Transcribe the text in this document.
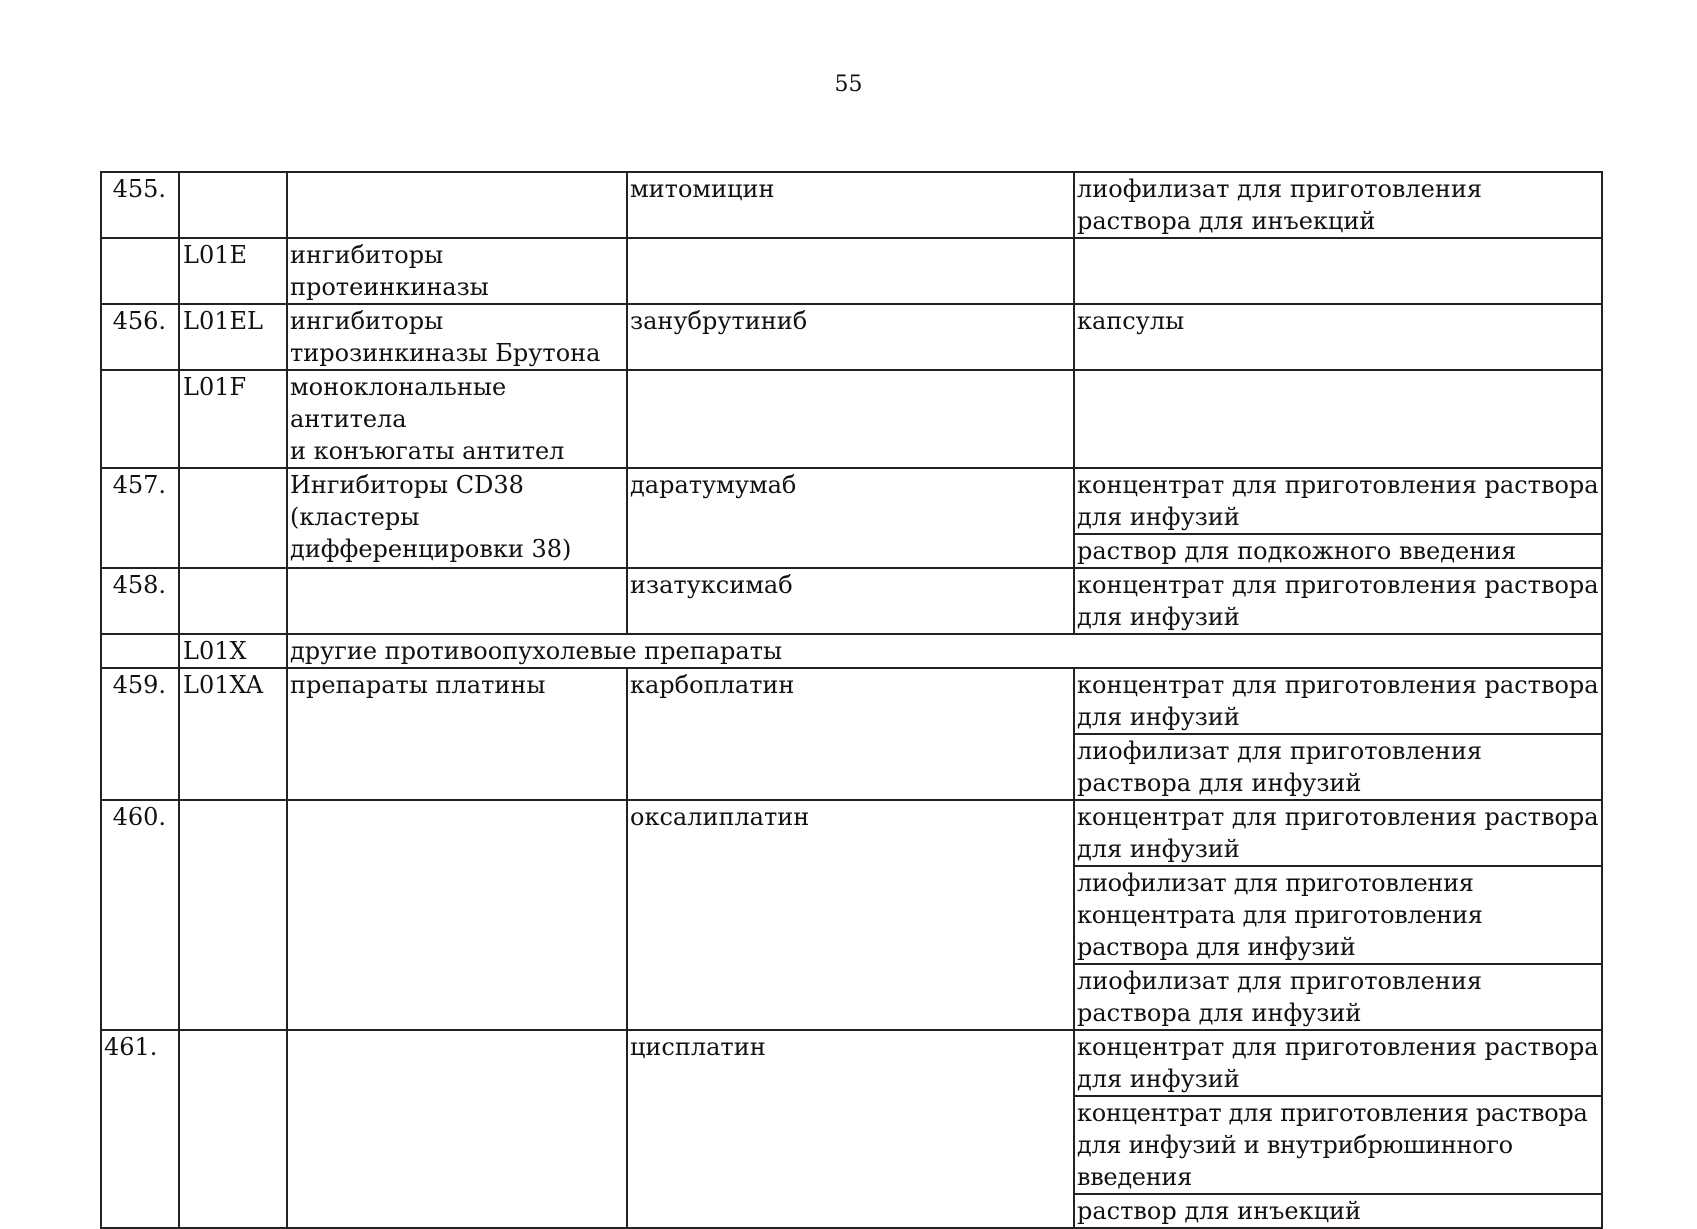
55
455.			митомицин	лиофилизат для приготовления раствора для инъекций
	L01E	ингибиторы протеинкиназы		
456.	L01EL	ингибиторы тирозинкиназы Брутона	занубрутиниб	капсулы
	L01F	моноклональные антитела
и конъюгаты антител		

457.		Ингибиторы CD38 (кластеры дифференцировки 38)	даратумумаб	концентрат для приготовления раствора для инфузий
				раствор для подкожного введения
458.			изатуксимаб	концентрат для приготовления раствора для инфузий
	L01X	другие противоопухолевые препараты		
459.	L01XA	препараты платины	карбоплатин	концентрат для приготовления раствора для инфузий
				лиофилизат для приготовления раствора для инфузий
460.			оксалиплатин	концентрат для приготовления раствора для инфузий
				лиофилизат для приготовления концентрата для приготовления раствора для инфузий
				лиофилизат для приготовления раствора для инфузий
461.			цисплатин	концентрат для приготовления раствора для инфузий
				концентрат для приготовления раствора для инфузий и внутрибрюшинного введения
				раствор для инъекций
